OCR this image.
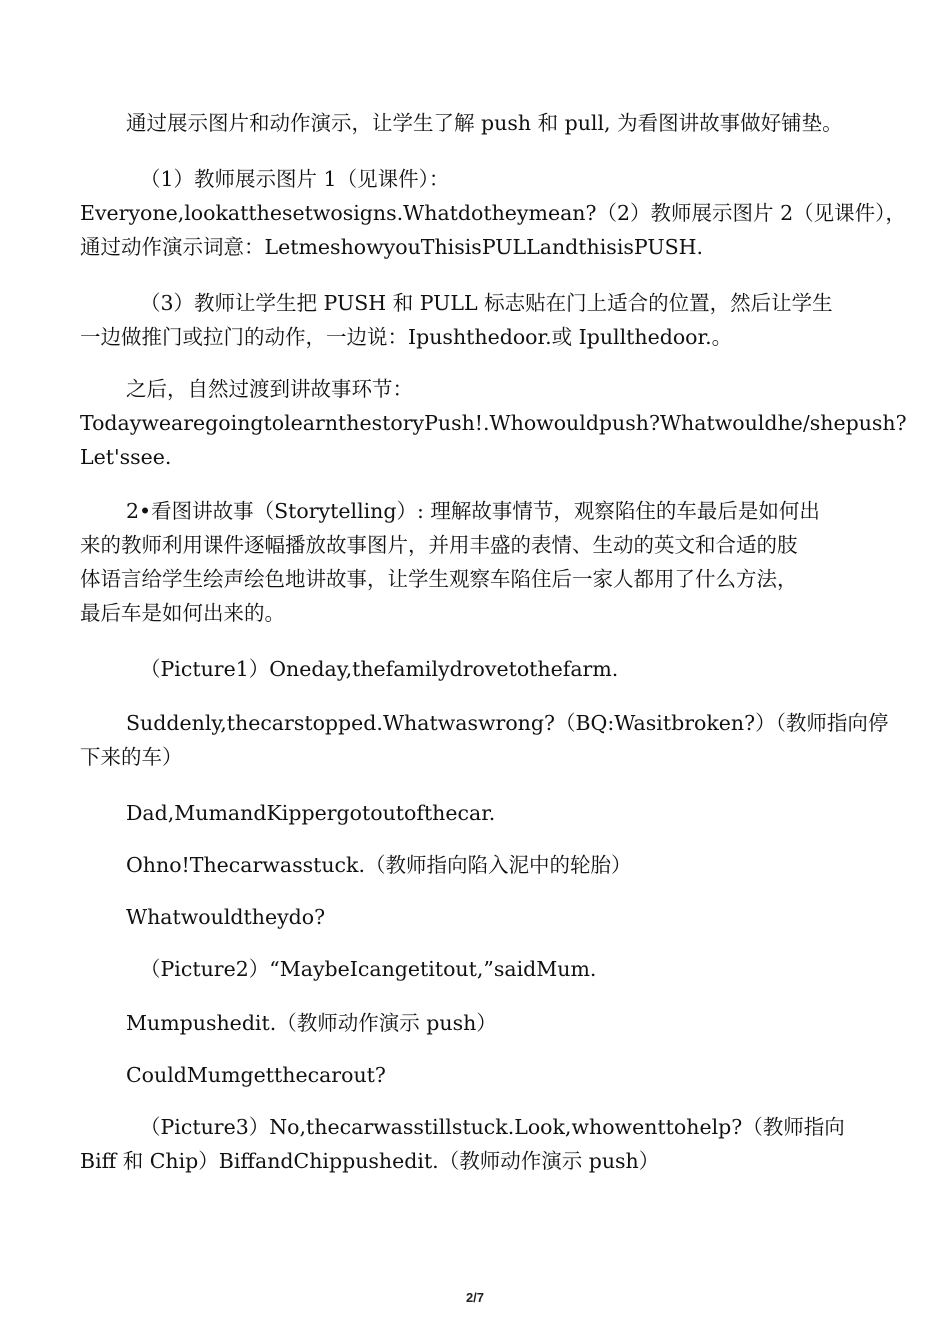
通过展示图片和动作演示，让学生了解 push 和 pull, 为看图讲故事做好铺垫。
（1）教师展示图片 1（见课件）：
Everyone,lookatthesetwosigns.Whatdotheymean?（2）教师展示图片 2（见课件），
通过动作演示词意：LetmeshowyouThisisPULLandthisisPUSH.
（3）教师让学生把 PUSH 和 PULL 标志贴在门上适合的位置，然后让学生
一边做推门或拉门的动作，一边说：Ipushthedoor.或 Ipullthedoor.。
之后，自然过渡到讲故事环节：
TodaywearegoingtolearnthestoryPush!.Whowouldpush?Whatwouldhe/shepush?
Let'ssee.
2•看图讲故事（Storytelling）: 理解故事情节，观察陷住的车最后是如何出
来的教师利用课件逐幅播放故事图片，并用丰盛的表情、生动的英文和合适的肢
体语言给学生绘声绘色地讲故事，让学生观察车陷住后一家人都用了什么方法，
最后车是如何出来的。
（Picture1）Oneday,thefamilydrovetothefarm.
Suddenly,thecarstopped.Whatwaswrong?（BQ:Wasitbroken?）（教师指向停
下来的车）
Dad,MumandKippergotoutofthecar.
Ohno!Thecarwasstuck.（教师指向陷入泥中的轮胎）
Whatwouldtheydo?
（Picture2）“MaybeIcangetitout,”saidMum.
Mumpushedit.（教师动作演示 push）
CouldMumgetthecarout?
（Picture3）No,thecarwasstillstuck.Look,whowenttohelp?（教师指向
Biff 和 Chip）BiffandChippushedit.（教师动作演示 push）
2/7
